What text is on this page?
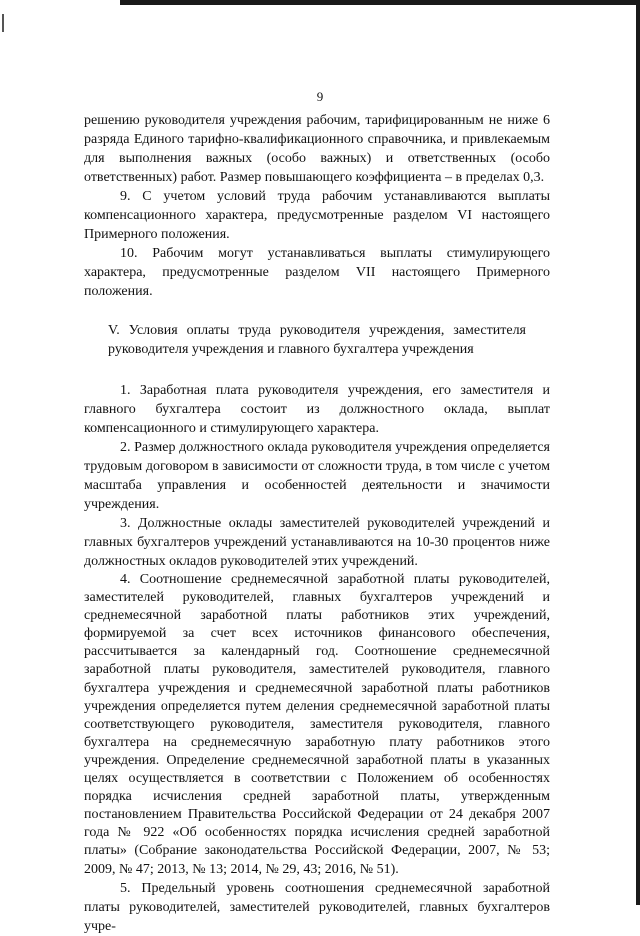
9

решению руководителя учреждения рабочим, тарифицированным не ниже 6 разряда Единого тарифно-квалификационного справочника, и привлекаемым для выполнения важных (особо важных) и ответственных (особо ответственных) работ. Размер повышающего коэффициента – в пределах 0,3.

9. С учетом условий труда рабочим устанавливаются выплаты компенсационного характера, предусмотренные разделом VI настоящего Примерного положения.

10. Рабочим могут устанавливаться выплаты стимулирующего характера, предусмотренные разделом VII настоящего Примерного положения.

V. Условия оплаты труда руководителя учреждения, заместителя руководителя учреждения и главного бухгалтера учреждения

1. Заработная плата руководителя учреждения, его заместителя и главного бухгалтера состоит из должностного оклада, выплат компенсационного и стимулирующего характера.

2. Размер должностного оклада руководителя учреждения определяется трудовым договором в зависимости от сложности труда, в том числе с учетом масштаба управления и особенностей деятельности и значимости учреждения.

3. Должностные оклады заместителей руководителей учреждений и главных бухгалтеров учреждений устанавливаются на 10-30 процентов ниже должностных окладов руководителей этих учреждений.

4. Соотношение среднемесячной заработной платы руководителей, заместителей руководителей, главных бухгалтеров учреждений и среднемесячной заработной платы работников этих учреждений, формируемой за счет всех источников финансового обеспечения, рассчитывается за календарный год. Соотношение среднемесячной заработной платы руководителя, заместителей руководителя, главного бухгалтера учреждения и среднемесячной заработной платы работников учреждения определяется путем деления среднемесячной заработной платы соответствующего руководителя, заместителя руководителя, главного бухгалтера на среднемесячную заработную плату работников этого учреждения. Определение среднемесячной заработной платы в указанных целях осуществляется в соответствии с Положением об особенностях порядка исчисления средней заработной платы, утвержденным постановлением Правительства Российской Федерации от 24 декабря 2007 года № 922 «Об особенностях порядка исчисления средней заработной платы» (Собрание законодательства Российской Федерации, 2007, № 53; 2009, № 47; 2013, № 13; 2014, № 29, 43; 2016, № 51).

5. Предельный уровень соотношения среднемесячной заработной платы руководителей, заместителей руководителей, главных бухгалтеров учре-
